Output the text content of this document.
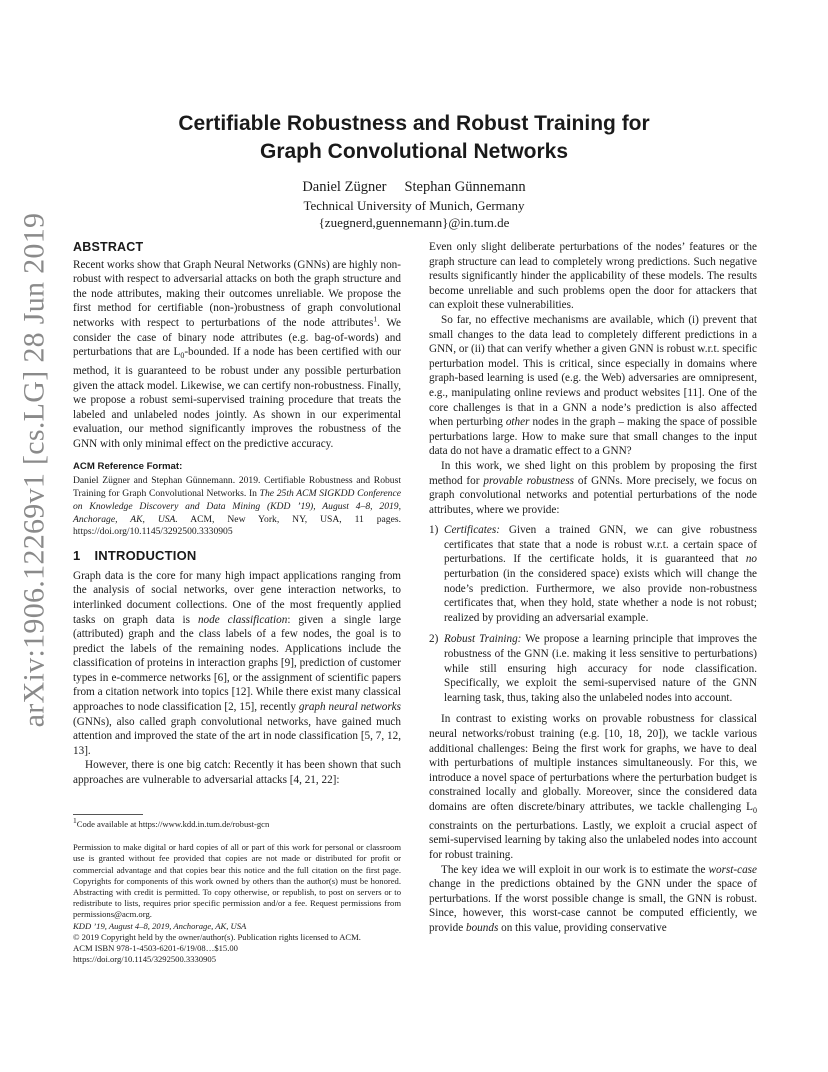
arXiv:1906.12269v1 [cs.LG] 28 Jun 2019
Certifiable Robustness and Robust Training for
Graph Convolutional Networks
Daniel Zügner Stephan Günnemann
Technical University of Munich, Germany
{zuegnerd,guennemann}@in.tum.de
ABSTRACT

Recent works show that Graph Neural Networks (GNNs) are highly non-robust with respect to adversarial attacks on both the graph structure and the node attributes, making their outcomes unreliable. We propose the first method for certifiable (non-)robustness of graph convolutional networks with respect to perturbations of the node attributes$^1$. We consider the case of binary node attributes (e.g. bag-of-words) and perturbations that are $L_0$-bounded. If a node has been certified with our method, it is guaranteed to be robust under any possible perturbation given the attack model. Likewise, we can certify non-robustness. Finally, we propose a robust semi-supervised training procedure that treats the labeled and unlabeled nodes jointly. As shown in our experimental evaluation, our method significantly improves the robustness of the GNN with only minimal effect on the predictive accuracy.

ACM Reference Format:

Daniel Zügner and Stephan Günnemann. 2019. Certifiable Robustness and Robust Training for Graph Convolutional Networks. In The 25th ACM SIGKDD Conference on Knowledge Discovery and Data Mining (KDD ’19), August 4–8, 2019, Anchorage, AK, USA. ACM, New York, NY, USA, 11 pages. https://doi.org/10.1145/3292500.3330905

1 INTRODUCTION

Graph data is the core for many high impact applications ranging from the analysis of social networks, over gene interaction networks, to interlinked document collections. One of the most frequently applied tasks on graph data is node classification: given a single large (attributed) graph and the class labels of a few nodes, the goal is to predict the labels of the remaining nodes. Applications include the classification of proteins in interaction graphs [9], prediction of customer types in e-commerce networks [6], or the assignment of scientific papers from a citation network into topics [12]. While there exist many classical approaches to node classification [2, 15], recently graph neural networks (GNNs), also called graph convolutional networks, have gained much attention and improved the state of the art in node classification [5, 7, 12, 13].

However, there is one big catch: Recently it has been shown that such approaches are vulnerable to adversarial attacks [4, 21, 22]:

$^1$Code available at https://www.kdd.in.tum.de/robust-gcn
Permission to make digital or hard copies of all or part of this work for personal or classroom use is granted without fee provided that copies are not made or distributed for profit or commercial advantage and that copies bear this notice and the full citation on the first page. Copyrights for components of this work owned by others than the author(s) must be honored. Abstracting with credit is permitted. To copy otherwise, or republish, to post on servers or to redistribute to lists, requires prior specific permission and/or a fee. Request permissions from permissions@acm.org.
KDD ’19, August 4–8, 2019, Anchorage, AK, USA
© 2019 Copyright held by the owner/author(s). Publication rights licensed to ACM.
ACM ISBN 978-1-4503-6201-6/19/08…$15.00
https://doi.org/10.1145/3292500.3330905

Even only slight deliberate perturbations of the nodes’ features or the graph structure can lead to completely wrong predictions. Such negative results significantly hinder the applicability of these models. The results become unreliable and such problems open the door for attackers that can exploit these vulnerabilities.

So far, no effective mechanisms are available, which (i) prevent that small changes to the data lead to completely different predictions in a GNN, or (ii) that can verify whether a given GNN is robust w.r.t. specific perturbation model. This is critical, since especially in domains where graph-based learning is used (e.g. the Web) adversaries are omnipresent, e.g., manipulating online reviews and product websites [11]. One of the core challenges is that in a GNN a node’s prediction is also affected when perturbing other nodes in the graph – making the space of possible perturbations large. How to make sure that small changes to the input data do not have a dramatic effect to a GNN?

In this work, we shed light on this problem by proposing the first method for provable robustness of GNNs. More precisely, we focus on graph convolutional networks and potential perturbations of the node attributes, where we provide:

1) Certificates: Given a trained GNN, we can give robustness certificates that state that a node is robust w.r.t. a certain space of perturbations. If the certificate holds, it is guaranteed that no perturbation (in the considered space) exists which will change the node’s prediction. Furthermore, we also provide non-robustness certificates that, when they hold, state whether a node is not robust; realized by providing an adversarial example.
2) Robust Training: We propose a learning principle that improves the robustness of the GNN (i.e. making it less sensitive to perturbations) while still ensuring high accuracy for node classification. Specifically, we exploit the semi-supervised nature of the GNN learning task, thus, taking also the unlabeled nodes into account.

In contrast to existing works on provable robustness for classical neural networks/robust training (e.g. [10, 18, 20]), we tackle various additional challenges: Being the first work for graphs, we have to deal with perturbations of multiple instances simultaneously. For this, we introduce a novel space of perturbations where the perturbation budget is constrained locally and globally. Moreover, since the considered data domains are often discrete/binary attributes, we tackle challenging $L_0$ constraints on the perturbations. Lastly, we exploit a crucial aspect of semi-supervised learning by taking also the unlabeled nodes into account for robust training.

The key idea we will exploit in our work is to estimate the worst-case change in the predictions obtained by the GNN under the space of perturbations. If the worst possible change is small, the GNN is robust. Since, however, this worst-case cannot be computed efficiently, we provide bounds on this value, providing conservative
